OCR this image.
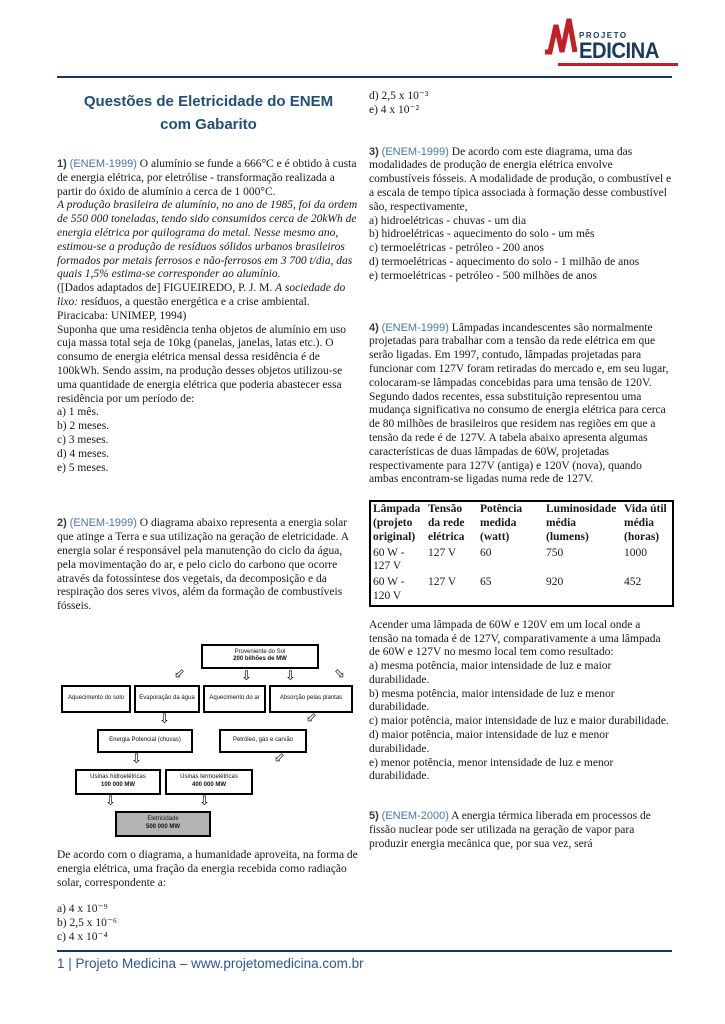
PROJETO
EDICINA
Questões de Eletricidade do ENEM com Gabarito

1) (ENEM-1999) O alumínio se funde a 666°C e é obtido à custa de energia elétrica, por eletrólise - transformação realizada a partir do óxido de alumínio a cerca de 1 000°C.

A produção brasileira de alumínio, no ano de 1985, foi da ordem de 550 000 toneladas, tendo sido consumidos cerca de 20kWh de energia elétrica por quilograma do metal. Nesse mesmo ano, estimou-se a produção de resíduos sólidos urbanos brasileiros formados por metais ferrosos e não-ferrosos em 3 700 t/dia, das quais 1,5% estima-se corresponder ao alumínio.

([Dados adaptados de] FIGUEIREDO, P. J. M. A sociedade do lixo: resíduos, a questão energética e a crise ambiental. Piracicaba: UNIMEP, 1994)

Suponha que uma residência tenha objetos de alumínio em uso cuja massa total seja de 10kg (panelas, janelas, latas etc.). O consumo de energia elétrica mensal dessa residência é de 100kWh. Sendo assim, na produção desses objetos utilizou-se uma quantidade de energia elétrica que poderia abastecer essa residência por um período de:

a) 1 mês.
b) 2 meses.
c) 3 meses.
d) 4 meses.
e) 5 meses.

2) (ENEM-1999) O diagrama abaixo representa a energia solar que atinge a Terra e sua utilização na geração de eletricidade. A energia solar é responsável pela manutenção do ciclo da água, pela movimentação do ar, e pelo ciclo do carbono que ocorre através da fotossíntese dos vegetais, da decomposição e da respiração dos seres vivos, além da formação de combustíveis fósseis.

Proveniente do Sol
200 bilhões de MW
⇩	⇩	⇩	⇩
Aquecimento do solo	Evaporação da água	Aquecimento do ar	Absorção pelas plantas
⇩	⇩
Energia Potencial (chuvas)	Petróleo, gás e carvão
⇩	⇩
Usinas hidroelétricas
100 000 MW
Usinas termoelétricas
400 000 MW
⇩	⇩
Eletricidade
500 000 MW

De acordo com o diagrama, a humanidade aproveita, na forma de energia elétrica, uma fração da energia recebida como radiação solar, correspondente a:

a) 4 x 10⁻⁹
b) 2,5 x 10⁻⁶
c) 4 x 10⁻⁴
d) 2,5 x 10⁻³
e) 4 x 10⁻²

3) (ENEM-1999) De acordo com este diagrama, uma das modalidades de produção de energia elétrica envolve combustíveis fósseis. A modalidade de produção, o combustível e a escala de tempo típica associada à formação desse combustível são, respectivamente,

a) hidroelétricas - chuvas - um dia
b) hidroelétricas - aquecimento do solo - um mês
c) termoelétricas - petróleo - 200 anos
d) termoelétricas - aquecimento do solo - 1 milhão de anos
e) termoelétricas - petróleo - 500 milhões de anos

4) (ENEM-1999) Lâmpadas incandescentes são normalmente projetadas para trabalhar com a tensão da rede elétrica em que serão ligadas. Em 1997, contudo, lâmpadas projetadas para funcionar com 127V foram retiradas do mercado e, em seu lugar, colocaram-se lâmpadas concebidas para uma tensão de 120V. Segundo dados recentes, essa substituição representou uma mudança significativa no consumo de energia elétrica para cerca de 80 milhões de brasileiros que residem nas regiões em que a tensão da rede é de 127V. A tabela abaixo apresenta algumas características de duas lâmpadas de 60W, projetadas respectivamente para 127V (antiga) e 120V (nova), quando ambas encontram-se ligadas numa rede de 127V.

Lâmpada (projeto original)	Tensão da rede elétrica	Potência medida (watt)	Luminosidade média (lumens)	Vida útil média (horas)
60 W - 127 V	127 V	60	750	1000
60 W - 120 V	127 V	65	920	452

Acender uma lâmpada de 60W e 120V em um local onde a tensão na tomada é de 127V, comparativamente a uma lâmpada de 60W e 127V no mesmo local tem como resultado:

a) mesma potência, maior intensidade de luz e maior durabilidade.
b) mesma potência, maior intensidade de luz e menor durabilidade.
c) maior potência, maior intensidade de luz e maior durabilidade.
d) maior potência, maior intensidade de luz e menor durabilidade.
e) menor potência, menor intensidade de luz e menor durabilidade.

5) (ENEM-2000) A energia térmica liberada em processos de fissão nuclear pode ser utilizada na geração de vapor para produzir energia mecânica que, por sua vez, será

1 | Projeto Medicina – www.projetomedicina.com.br
